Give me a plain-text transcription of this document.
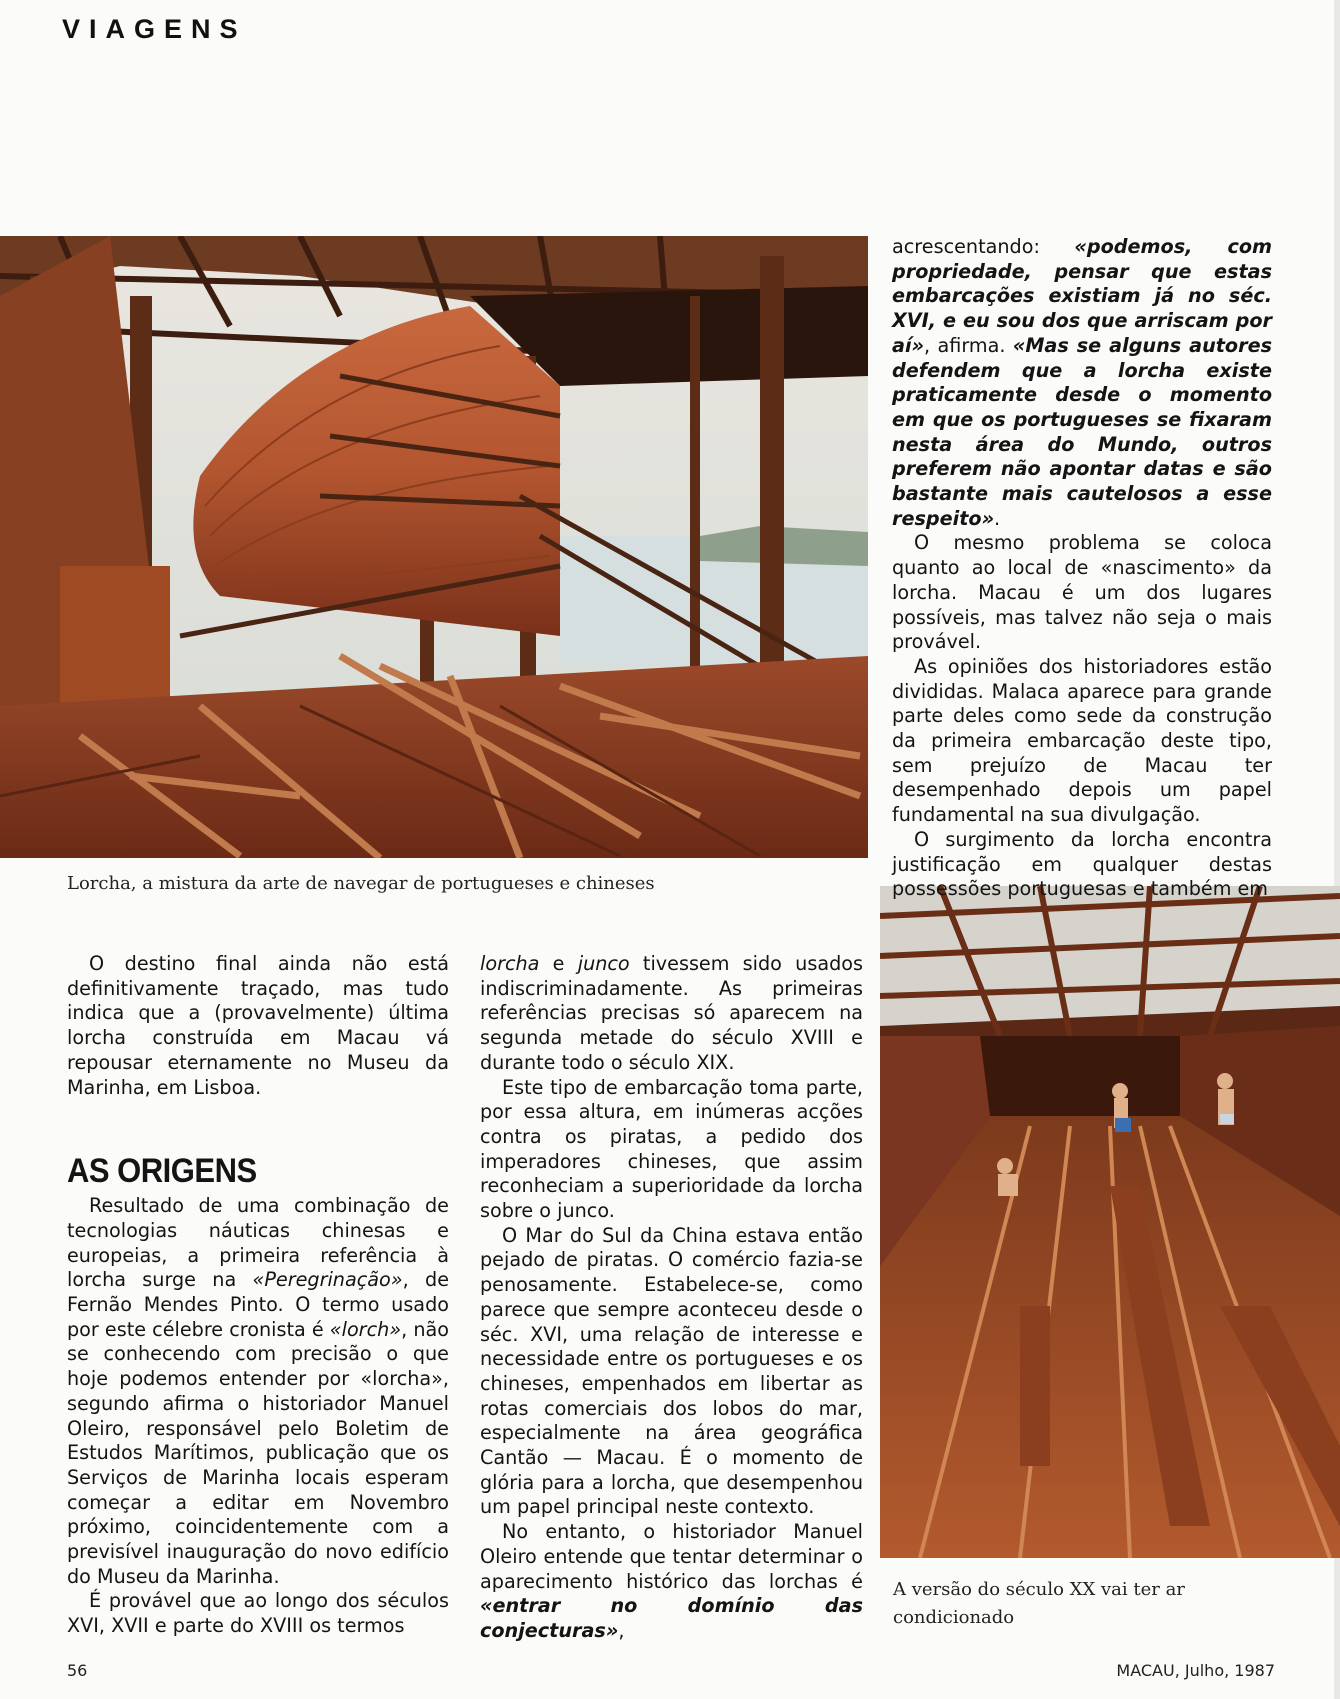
VIAGENS
Lorcha, a mistura da arte de navegar de portugueses e chineses
A versão do século XX vai ter ar
condicionado

O destino final ainda não está definitivamente traçado, mas tudo indica que a (provavelmente) última lorcha construída em Macau vá repousar eternamente no Museu da Marinha, em Lisboa.

AS ORIGENS

Resultado de uma combinação de tecnologias náuticas chinesas e europeias, a primeira referência à lorcha surge na «Peregrinação», de Fernão Mendes Pinto. O termo usado por este célebre cronista é «lorch», não se conhecendo com precisão o que hoje podemos entender por «lorcha», segundo afirma o historiador Manuel Oleiro, responsável pelo Boletim de Estudos Marítimos, publicação que os Serviços de Marinha locais esperam começar a editar em Novembro próximo, coincidentemente com a previsível inauguração do novo edifício do Museu da Marinha.

É provável que ao longo dos séculos XVI, XVII e parte do XVIII os termos

lorcha e junco tivessem sido usados indiscriminadamente. As primeiras referências precisas só aparecem na segunda metade do século XVIII e durante todo o século XIX.

Este tipo de embarcação toma parte, por essa altura, em inúmeras acções contra os piratas, a pedido dos imperadores chineses, que assim reconheciam a superioridade da lorcha sobre o junco.

O Mar do Sul da China estava então pejado de piratas. O comércio fazia-se penosamente. Estabelece-se, como parece que sempre aconteceu desde o séc. XVI, uma relação de interesse e necessidade entre os portugueses e os chineses, empenhados em libertar as rotas comerciais dos lobos do mar, especialmente na área geográfica Cantão — Macau. É o momento de glória para a lorcha, que desempenhou um papel principal neste contexto.

No entanto, o historiador Manuel Oleiro entende que tentar determinar o aparecimento histórico das lorchas é «entrar no domínio das conjecturas»,

acrescentando: «podemos, com propriedade, pensar que estas embarcações existiam já no séc. XVI, e eu sou dos que arriscam por aí», afirma. «Mas se alguns autores defendem que a lorcha existe praticamente desde o momento em que os portugueses se fixaram nesta área do Mundo, outros preferem não apontar datas e são bastante mais cautelosos a esse respeito».

O mesmo problema se coloca quanto ao local de «nascimento» da lorcha. Macau é um dos lugares possíveis, mas talvez não seja o mais provável.

As opiniões dos historiadores estão divididas. Malaca aparece para grande parte deles como sede da construção da primeira embarcação deste tipo, sem prejuízo de Macau ter desempenhado depois um papel fundamental na sua divulgação.

O surgimento da lorcha encontra justificação em qualquer destas possessões portuguesas e também em

56	MACAU, Julho, 1987
